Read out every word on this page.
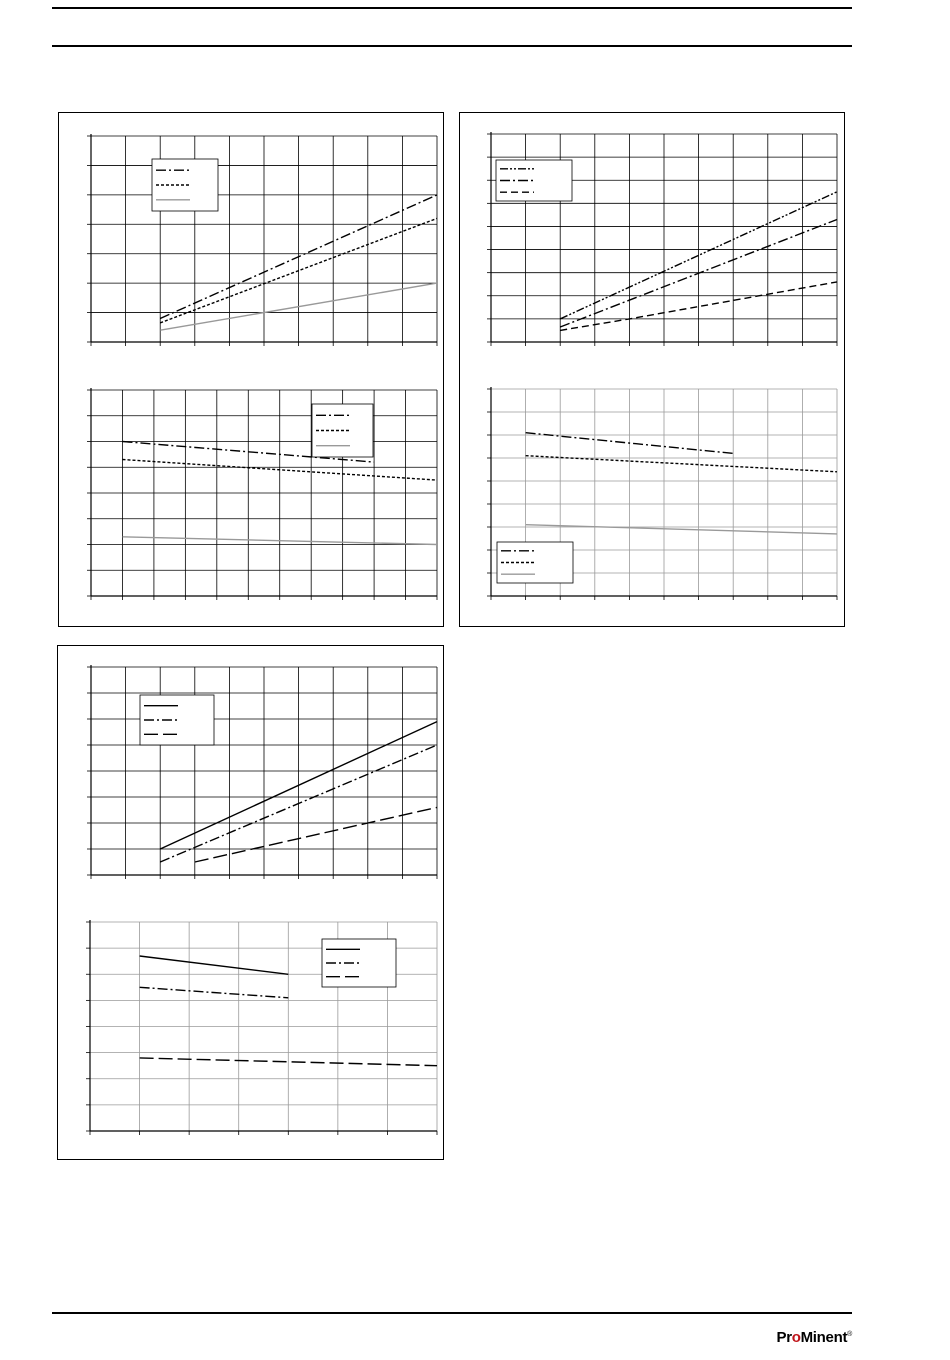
ProMinent®
